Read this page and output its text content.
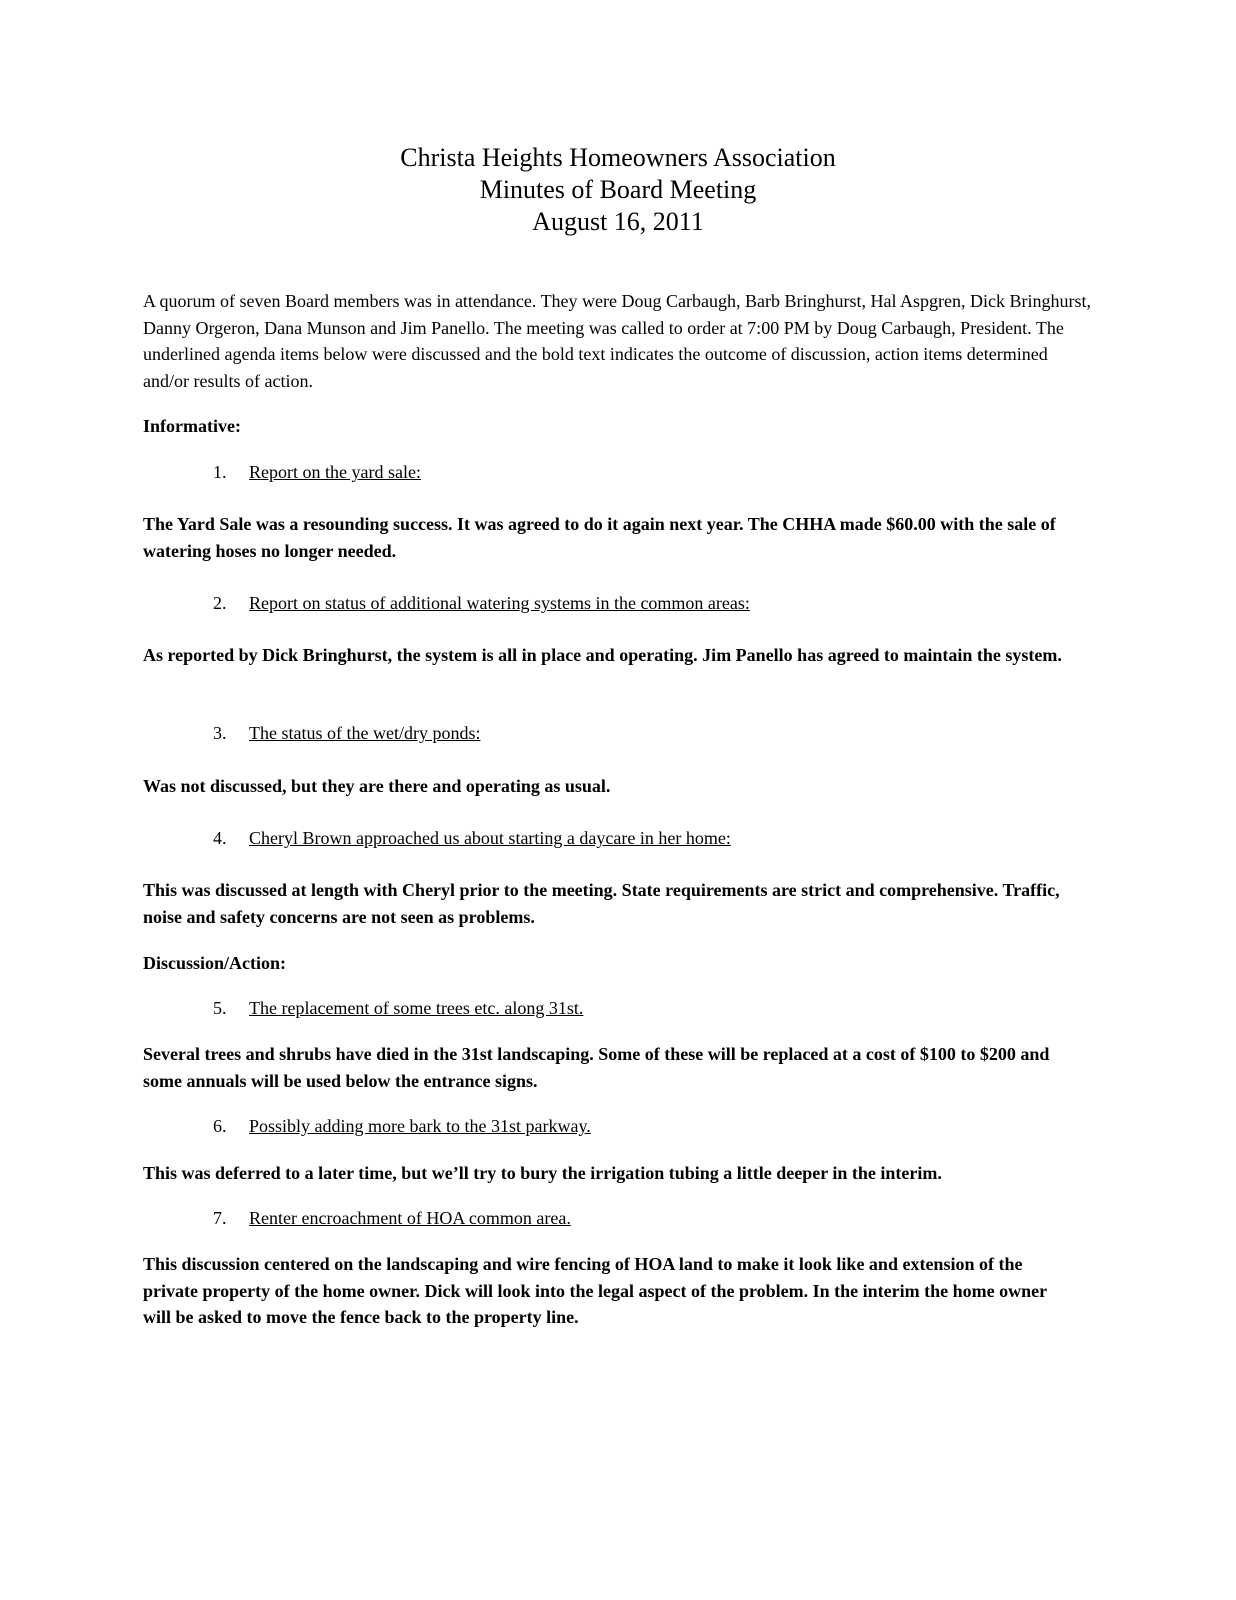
Christa Heights Homeowners Association
Minutes of Board Meeting
August 16, 2011
A quorum of seven Board members was in attendance. They were Doug Carbaugh, Barb Bringhurst, Hal Aspgren, Dick Bringhurst, Danny Orgeron, Dana Munson and Jim Panello. The meeting was called to order at 7:00 PM by Doug Carbaugh, President. The underlined agenda items below were discussed and the bold text indicates the outcome of discussion, action items determined and/or results of action.
Informative:
1.	Report on the yard sale:
The Yard Sale was a resounding success. It was agreed to do it again next year. The CHHA made $60.00 with the sale of watering hoses no longer needed.
2.	Report on status of additional watering systems in the common areas:
As reported by Dick Bringhurst, the system is all in place and operating. Jim Panello has agreed to maintain the system.
3.	The status of the wet/dry ponds:
Was not discussed, but they are there and operating as usual.
4.	Cheryl Brown approached us about starting a daycare in her home:
This was discussed at length with Cheryl prior to the meeting. State requirements are strict and comprehensive. Traffic, noise and safety concerns are not seen as problems.
Discussion/Action:
5.	The replacement of some trees etc. along 31st.
Several trees and shrubs have died in the 31st landscaping. Some of these will be replaced at a cost of $100 to $200 and some annuals will be used below the entrance signs.
6.	Possibly adding more bark to the 31st parkway.
This was deferred to a later time, but we’ll try to bury the irrigation tubing a little deeper in the interim.
7.	Renter encroachment of HOA common area.
This discussion centered on the landscaping and wire fencing of HOA land to make it look like and extension of the private property of the home owner. Dick will look into the legal aspect of the problem. In the interim the home owner will be asked to move the fence back to the property line.
